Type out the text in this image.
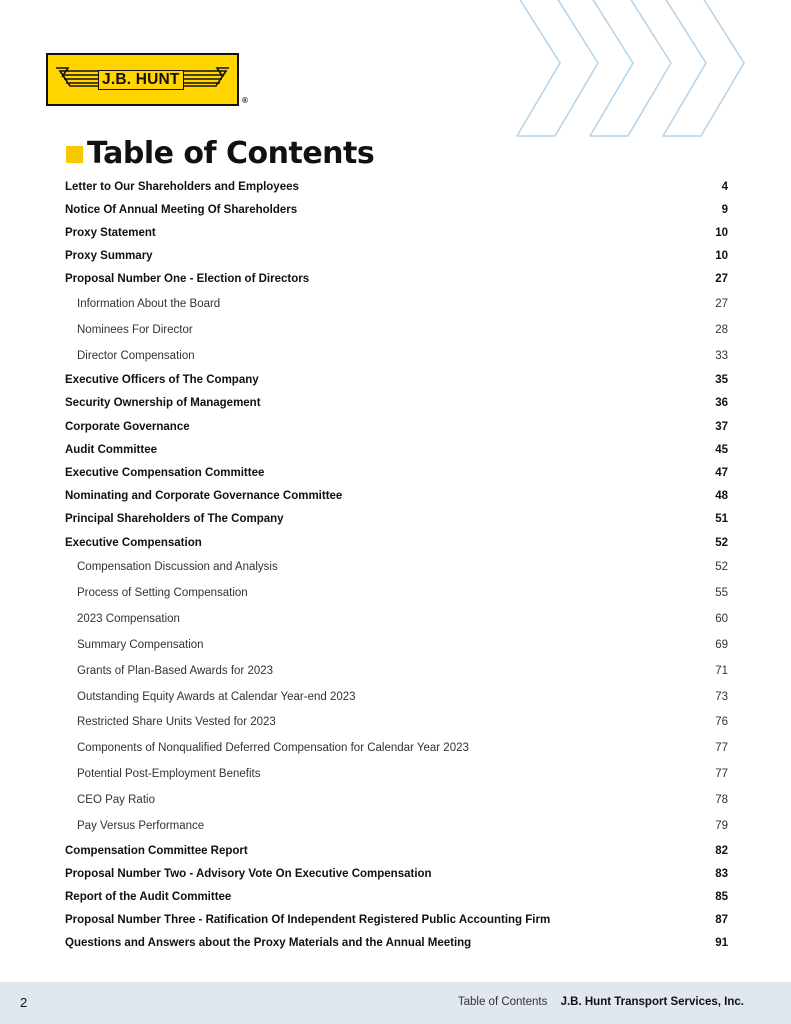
J.B. HUNT
®
Table of Contents
Letter to Our Shareholders and Employees	4
Notice Of Annual Meeting Of Shareholders	9
Proxy Statement	10
Proxy Summary	10
Proposal Number One - Election of Directors	27
Information About the Board	27
Nominees For Director	28
Director Compensation	33
Executive Officers of The Company	35
Security Ownership of Management	36
Corporate Governance	37
Audit Committee	45
Executive Compensation Committee	47
Nominating and Corporate Governance Committee	48
Principal Shareholders of The Company	51
Executive Compensation	52
Compensation Discussion and Analysis	52
Process of Setting Compensation	55
2023 Compensation	60
Summary Compensation	69
Grants of Plan-Based Awards for 2023	71
Outstanding Equity Awards at Calendar Year-end 2023	73
Restricted Share Units Vested for 2023	76
Components of Nonqualified Deferred Compensation for Calendar Year 2023	77
Potential Post-Employment Benefits	77
CEO Pay Ratio	78
Pay Versus Performance	79
Compensation Committee Report	82
Proposal Number Two - Advisory Vote On Executive Compensation	83
Report of the Audit Committee	85
Proposal Number Three - Ratification Of Independent Registered Public Accounting Firm	87
Questions and Answers about the Proxy Materials and the Annual Meeting	91
2	Table of Contents J.B. Hunt Transport Services, Inc.
